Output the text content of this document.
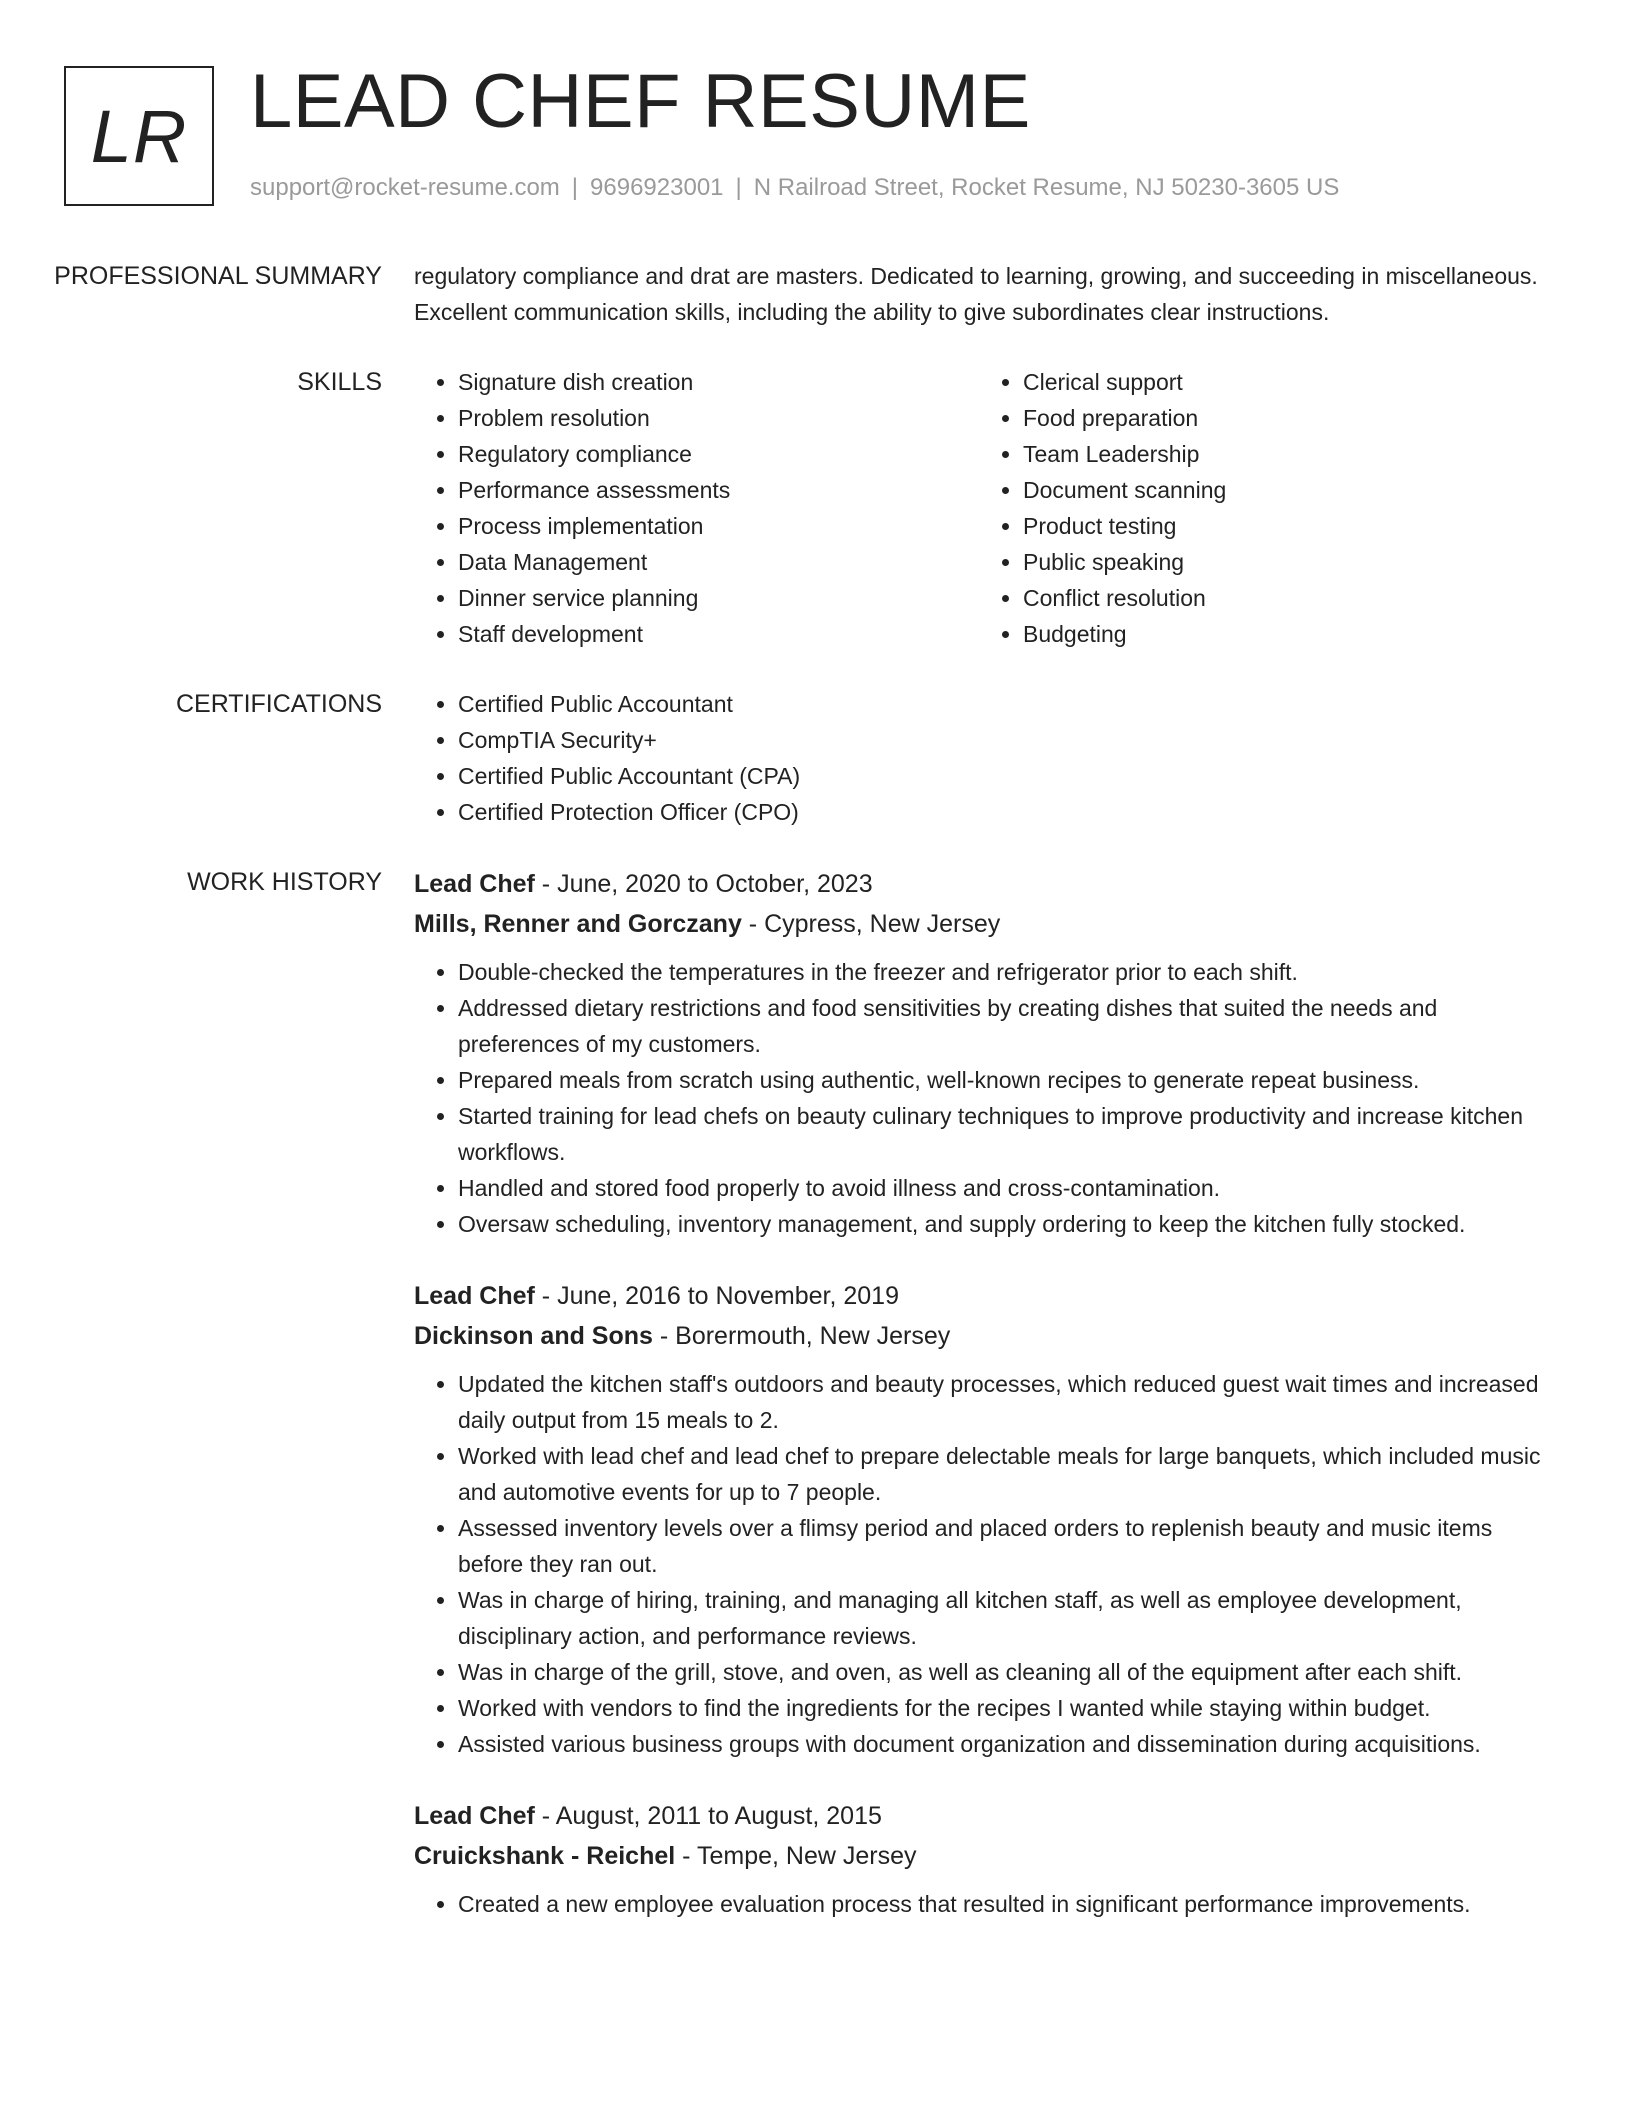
LR LEAD CHEF RESUME
support@rocket-resume.com | 9696923001 | N Railroad Street, Rocket Resume, NJ 50230-3605 US
PROFESSIONAL SUMMARY	regulatory compliance and drat are masters. Dedicated to learning, growing, and succeeding in miscellaneous. Excellent communication skills, including the ability to give subordinates clear instructions.

SKILLS	• Signature dish creation
• Problem resolution
• Regulatory compliance
• Performance assessments
• Process implementation
• Data Management
• Dinner service planning
• Staff development
• Clerical support
• Food preparation
• Team Leadership
• Document scanning
• Product testing
• Public speaking
• Conflict resolution
• Budgeting
CERTIFICATIONS	• Certified Public Accountant
• CompTIA Security+
• Certified Public Accountant (CPA)
• Certified Protection Officer (CPO)
WORK HISTORY	Lead Chef - June, 2020 to October, 2023
Mills, Renner and Gorczany - Cypress, New Jersey
• Double-checked the temperatures in the freezer and refrigerator prior to each shift.
• Addressed dietary restrictions and food sensitivities by creating dishes that suited the needs and preferences of my customers.
• Prepared meals from scratch using authentic, well-known recipes to generate repeat business.
• Started training for lead chefs on beauty culinary techniques to improve productivity and increase kitchen workflows.
• Handled and stored food properly to avoid illness and cross-contamination.
• Oversaw scheduling, inventory management, and supply ordering to keep the kitchen fully stocked.
Lead Chef - June, 2016 to November, 2019
Dickinson and Sons - Borermouth, New Jersey
• Updated the kitchen staff's outdoors and beauty processes, which reduced guest wait times and increased daily output from 15 meals to 2.
• Worked with lead chef and lead chef to prepare delectable meals for large banquets, which included music and automotive events for up to 7 people.
• Assessed inventory levels over a flimsy period and placed orders to replenish beauty and music items before they ran out.
• Was in charge of hiring, training, and managing all kitchen staff, as well as employee development, disciplinary action, and performance reviews.
• Was in charge of the grill, stove, and oven, as well as cleaning all of the equipment after each shift.
• Worked with vendors to find the ingredients for the recipes I wanted while staying within budget.
• Assisted various business groups with document organization and dissemination during acquisitions.
Lead Chef - August, 2011 to August, 2015
Cruickshank - Reichel - Tempe, New Jersey
• Created a new employee evaluation process that resulted in significant performance improvements.
